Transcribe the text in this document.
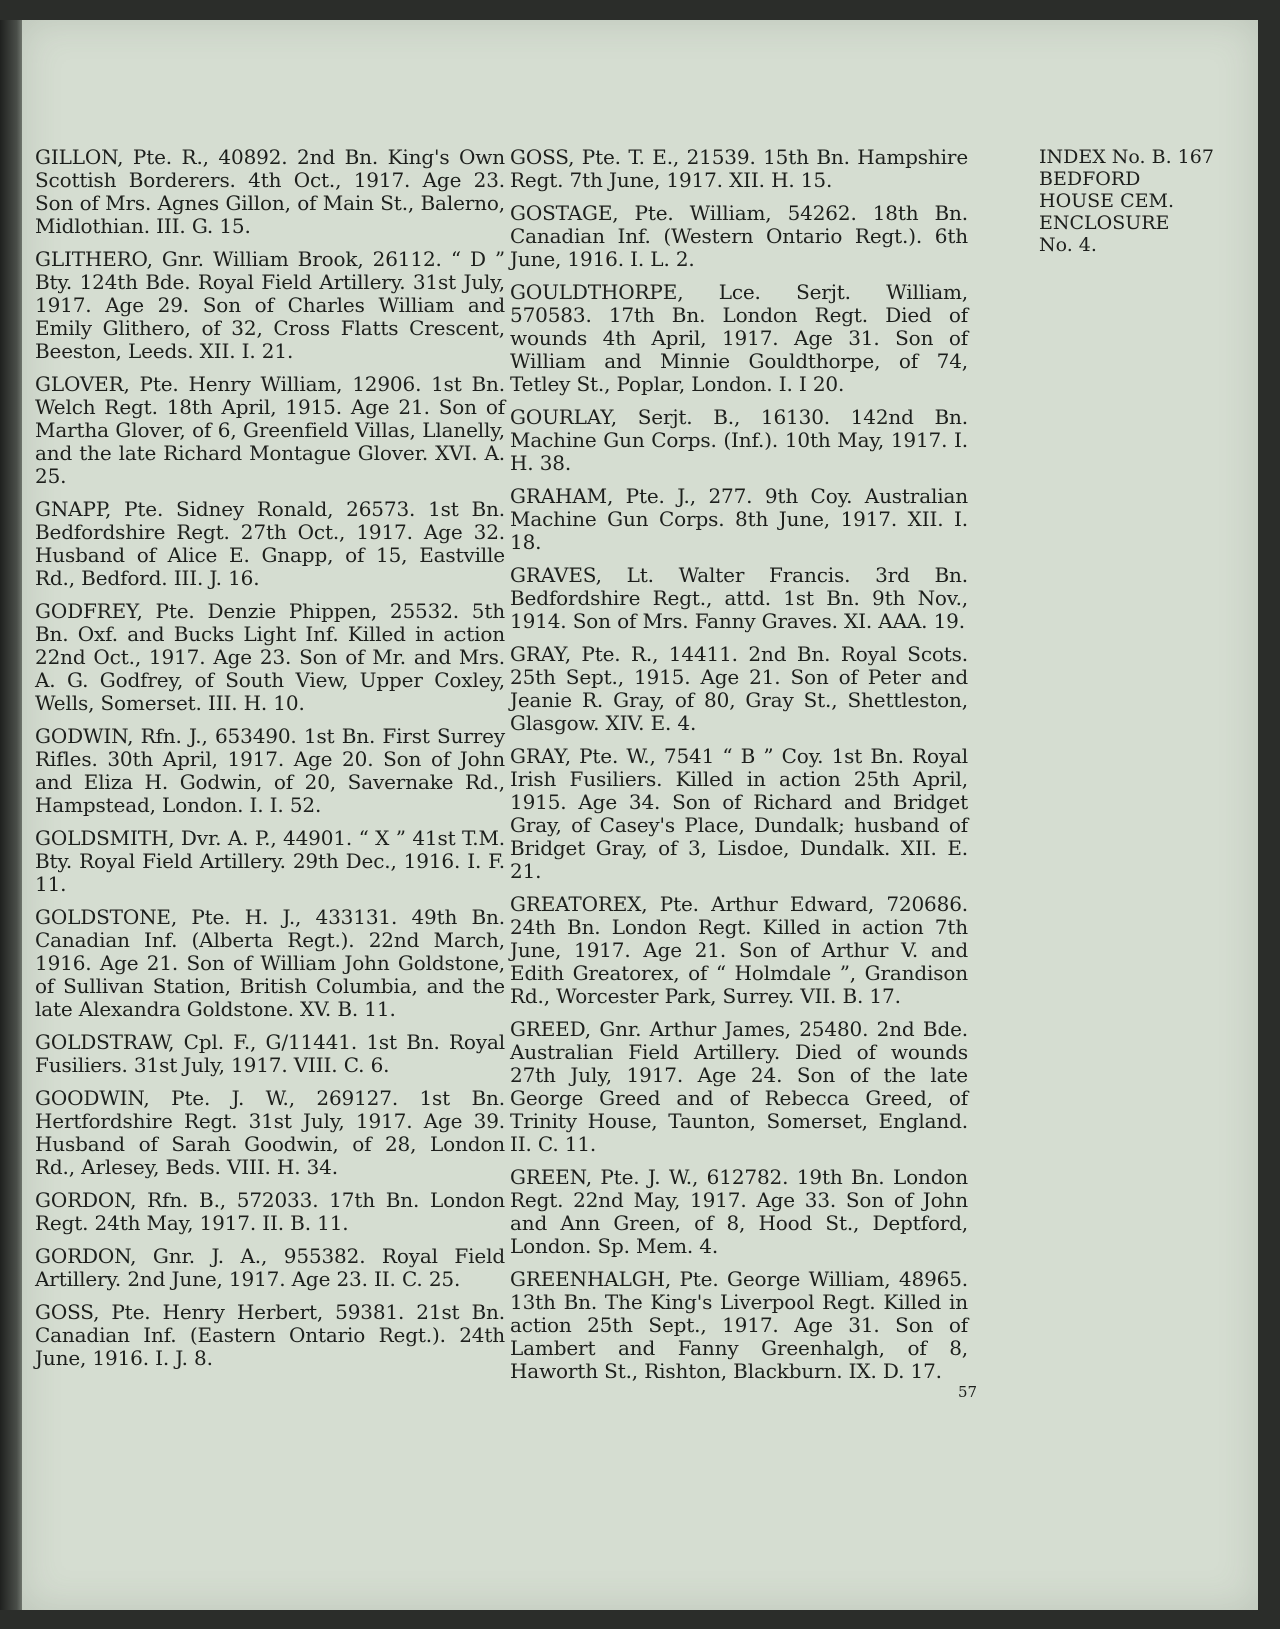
GILLON, Pte. R., 40892. 2nd Bn. King's Own Scottish Borderers. 4th Oct., 1917. Age 23. Son of Mrs. Agnes Gillon, of Main St., Balerno, Midlothian. III. G. 15.

GLITHERO, Gnr. William Brook, 26112. “ D ” Bty. 124th Bde. Royal Field Artillery. 31st July, 1917. Age 29. Son of Charles William and Emily Glithero, of 32, Cross Flatts Crescent, Beeston, Leeds. XII. I. 21.

GLOVER, Pte. Henry William, 12906. 1st Bn. Welch Regt. 18th April, 1915. Age 21. Son of Martha Glover, of 6, Greenfield Villas, Llanelly, and the late Richard Montague Glover. XVI. A. 25.

GNAPP, Pte. Sidney Ronald, 26573. 1st Bn. Bedfordshire Regt. 27th Oct., 1917. Age 32. Husband of Alice E. Gnapp, of 15, Eastville Rd., Bedford. III. J. 16.

GODFREY, Pte. Denzie Phippen, 25532. 5th Bn. Oxf. and Bucks Light Inf. Killed in action 22nd Oct., 1917. Age 23. Son of Mr. and Mrs. A. G. Godfrey, of South View, Upper Coxley, Wells, Somerset. III. H. 10.

GODWIN, Rfn. J., 653490. 1st Bn. First Surrey Rifles. 30th April, 1917. Age 20. Son of John and Eliza H. Godwin, of 20, Savernake Rd., Hampstead, London. I. I. 52.

GOLDSMITH, Dvr. A. P., 44901. “ X ” 41st T.M. Bty. Royal Field Artillery. 29th Dec., 1916. I. F. 11.

GOLDSTONE, Pte. H. J., 433131. 49th Bn. Canadian Inf. (Alberta Regt.). 22nd March, 1916. Age 21. Son of William John Goldstone, of Sullivan Station, British Columbia, and the late Alexandra Goldstone. XV. B. 11.

GOLDSTRAW, Cpl. F., G/11441. 1st Bn. Royal Fusiliers. 31st July, 1917. VIII. C. 6.

GOODWIN, Pte. J. W., 269127. 1st Bn. Hertfordshire Regt. 31st July, 1917. Age 39. Husband of Sarah Goodwin, of 28, London Rd., Arlesey, Beds. VIII. H. 34.

GORDON, Rfn. B., 572033. 17th Bn. London Regt. 24th May, 1917. II. B. 11.

GORDON, Gnr. J. A., 955382. Royal Field Artillery. 2nd June, 1917. Age 23. II. C. 25.

GOSS, Pte. Henry Herbert, 59381. 21st Bn. Canadian Inf. (Eastern Ontario Regt.). 24th June, 1916. I. J. 8.

GOSS, Pte. T. E., 21539. 15th Bn. Hampshire Regt. 7th June, 1917. XII. H. 15.

GOSTAGE, Pte. William, 54262. 18th Bn. Canadian Inf. (Western Ontario Regt.). 6th June, 1916. I. L. 2.

GOULDTHORPE, Lce. Serjt. William, 570583. 17th Bn. London Regt. Died of wounds 4th April, 1917. Age 31. Son of William and Minnie Gouldthorpe, of 74, Tetley St., Poplar, London. I. I 20.

GOURLAY, Serjt. B., 16130. 142nd Bn. Machine Gun Corps. (Inf.). 10th May, 1917. I. H. 38.

GRAHAM, Pte. J., 277. 9th Coy. Australian Machine Gun Corps. 8th June, 1917. XII. I. 18.

GRAVES, Lt. Walter Francis. 3rd Bn. Bedfordshire Regt., attd. 1st Bn. 9th Nov., 1914. Son of Mrs. Fanny Graves. XI. AAA. 19.

GRAY, Pte. R., 14411. 2nd Bn. Royal Scots. 25th Sept., 1915. Age 21. Son of Peter and Jeanie R. Gray, of 80, Gray St., Shettleston, Glasgow. XIV. E. 4.

GRAY, Pte. W., 7541 “ B ” Coy. 1st Bn. Royal Irish Fusiliers. Killed in action 25th April, 1915. Age 34. Son of Richard and Bridget Gray, of Casey's Place, Dundalk; husband of Bridget Gray, of 3, Lisdoe, Dundalk. XII. E. 21.

GREATOREX, Pte. Arthur Edward, 720686. 24th Bn. London Regt. Killed in action 7th June, 1917. Age 21. Son of Arthur V. and Edith Greatorex, of “ Holmdale ”, Grandison Rd., Worcester Park, Surrey. VII. B. 17.

GREED, Gnr. Arthur James, 25480. 2nd Bde. Australian Field Artillery. Died of wounds 27th July, 1917. Age 24. Son of the late George Greed and of Rebecca Greed, of Trinity House, Taunton, Somerset, England. II. C. 11.

GREEN, Pte. J. W., 612782. 19th Bn. London Regt. 22nd May, 1917. Age 33. Son of John and Ann Green, of 8, Hood St., Deptford, London. Sp. Mem. 4.

GREENHALGH, Pte. George William, 48965. 13th Bn. The King's Liverpool Regt. Killed in action 25th Sept., 1917. Age 31. Son of Lambert and Fanny Greenhalgh, of 8, Haworth St., Rishton, Blackburn. IX. D. 17.

INDEX No. B. 167
BEDFORD
HOUSE CEM.
ENCLOSURE
No. 4.
57
